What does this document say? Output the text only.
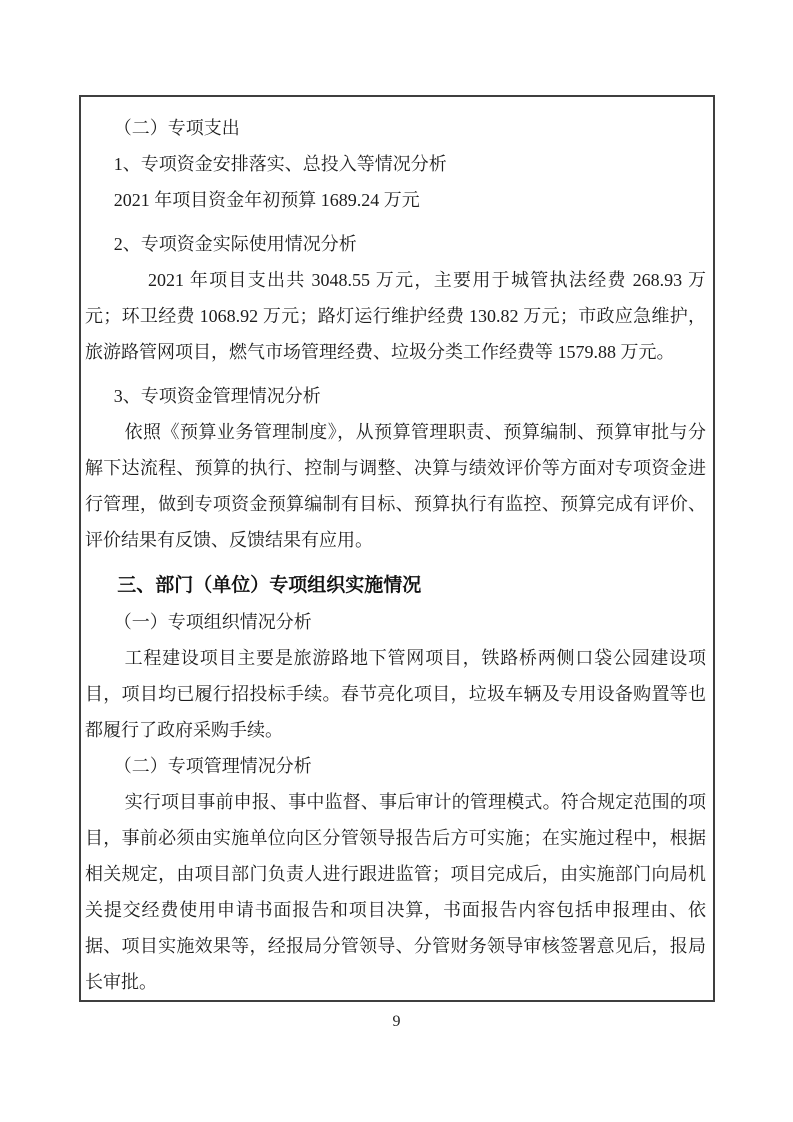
（二）专项支出

1、专项资金安排落实、总投入等情况分析

2021 年项目资金年初预算 1689.24 万元

2、专项资金实际使用情况分析

2021 年项目支出共 3048.55 万元，主要用于城管执法经费 268.93 万元；环卫经费 1068.92 万元；路灯运行维护经费 130.82 万元；市政应急维护，旅游路管网项目，燃气市场管理经费、垃圾分类工作经费等 1579.88 万元。

3、专项资金管理情况分析

依照《预算业务管理制度》，从预算管理职责、预算编制、预算审批与分解下达流程、预算的执行、控制与调整、决算与绩效评价等方面对专项资金进行管理，做到专项资金预算编制有目标、预算执行有监控、预算完成有评价、评价结果有反馈、反馈结果有应用。

三、部门（单位）专项组织实施情况

（一）专项组织情况分析

工程建设项目主要是旅游路地下管网项目，铁路桥两侧口袋公园建设项目，项目均已履行招投标手续。春节亮化项目，垃圾车辆及专用设备购置等也都履行了政府采购手续。

（二）专项管理情况分析

实行项目事前申报、事中监督、事后审计的管理模式。符合规定范围的项目，事前必须由实施单位向区分管领导报告后方可实施；在实施过程中，根据相关规定，由项目部门负责人进行跟进监管；项目完成后，由实施部门向局机关提交经费使用申请书面报告和项目决算，书面报告内容包括申报理由、依据、项目实施效果等，经报局分管领导、分管财务领导审核签署意见后，报局长审批。

9
